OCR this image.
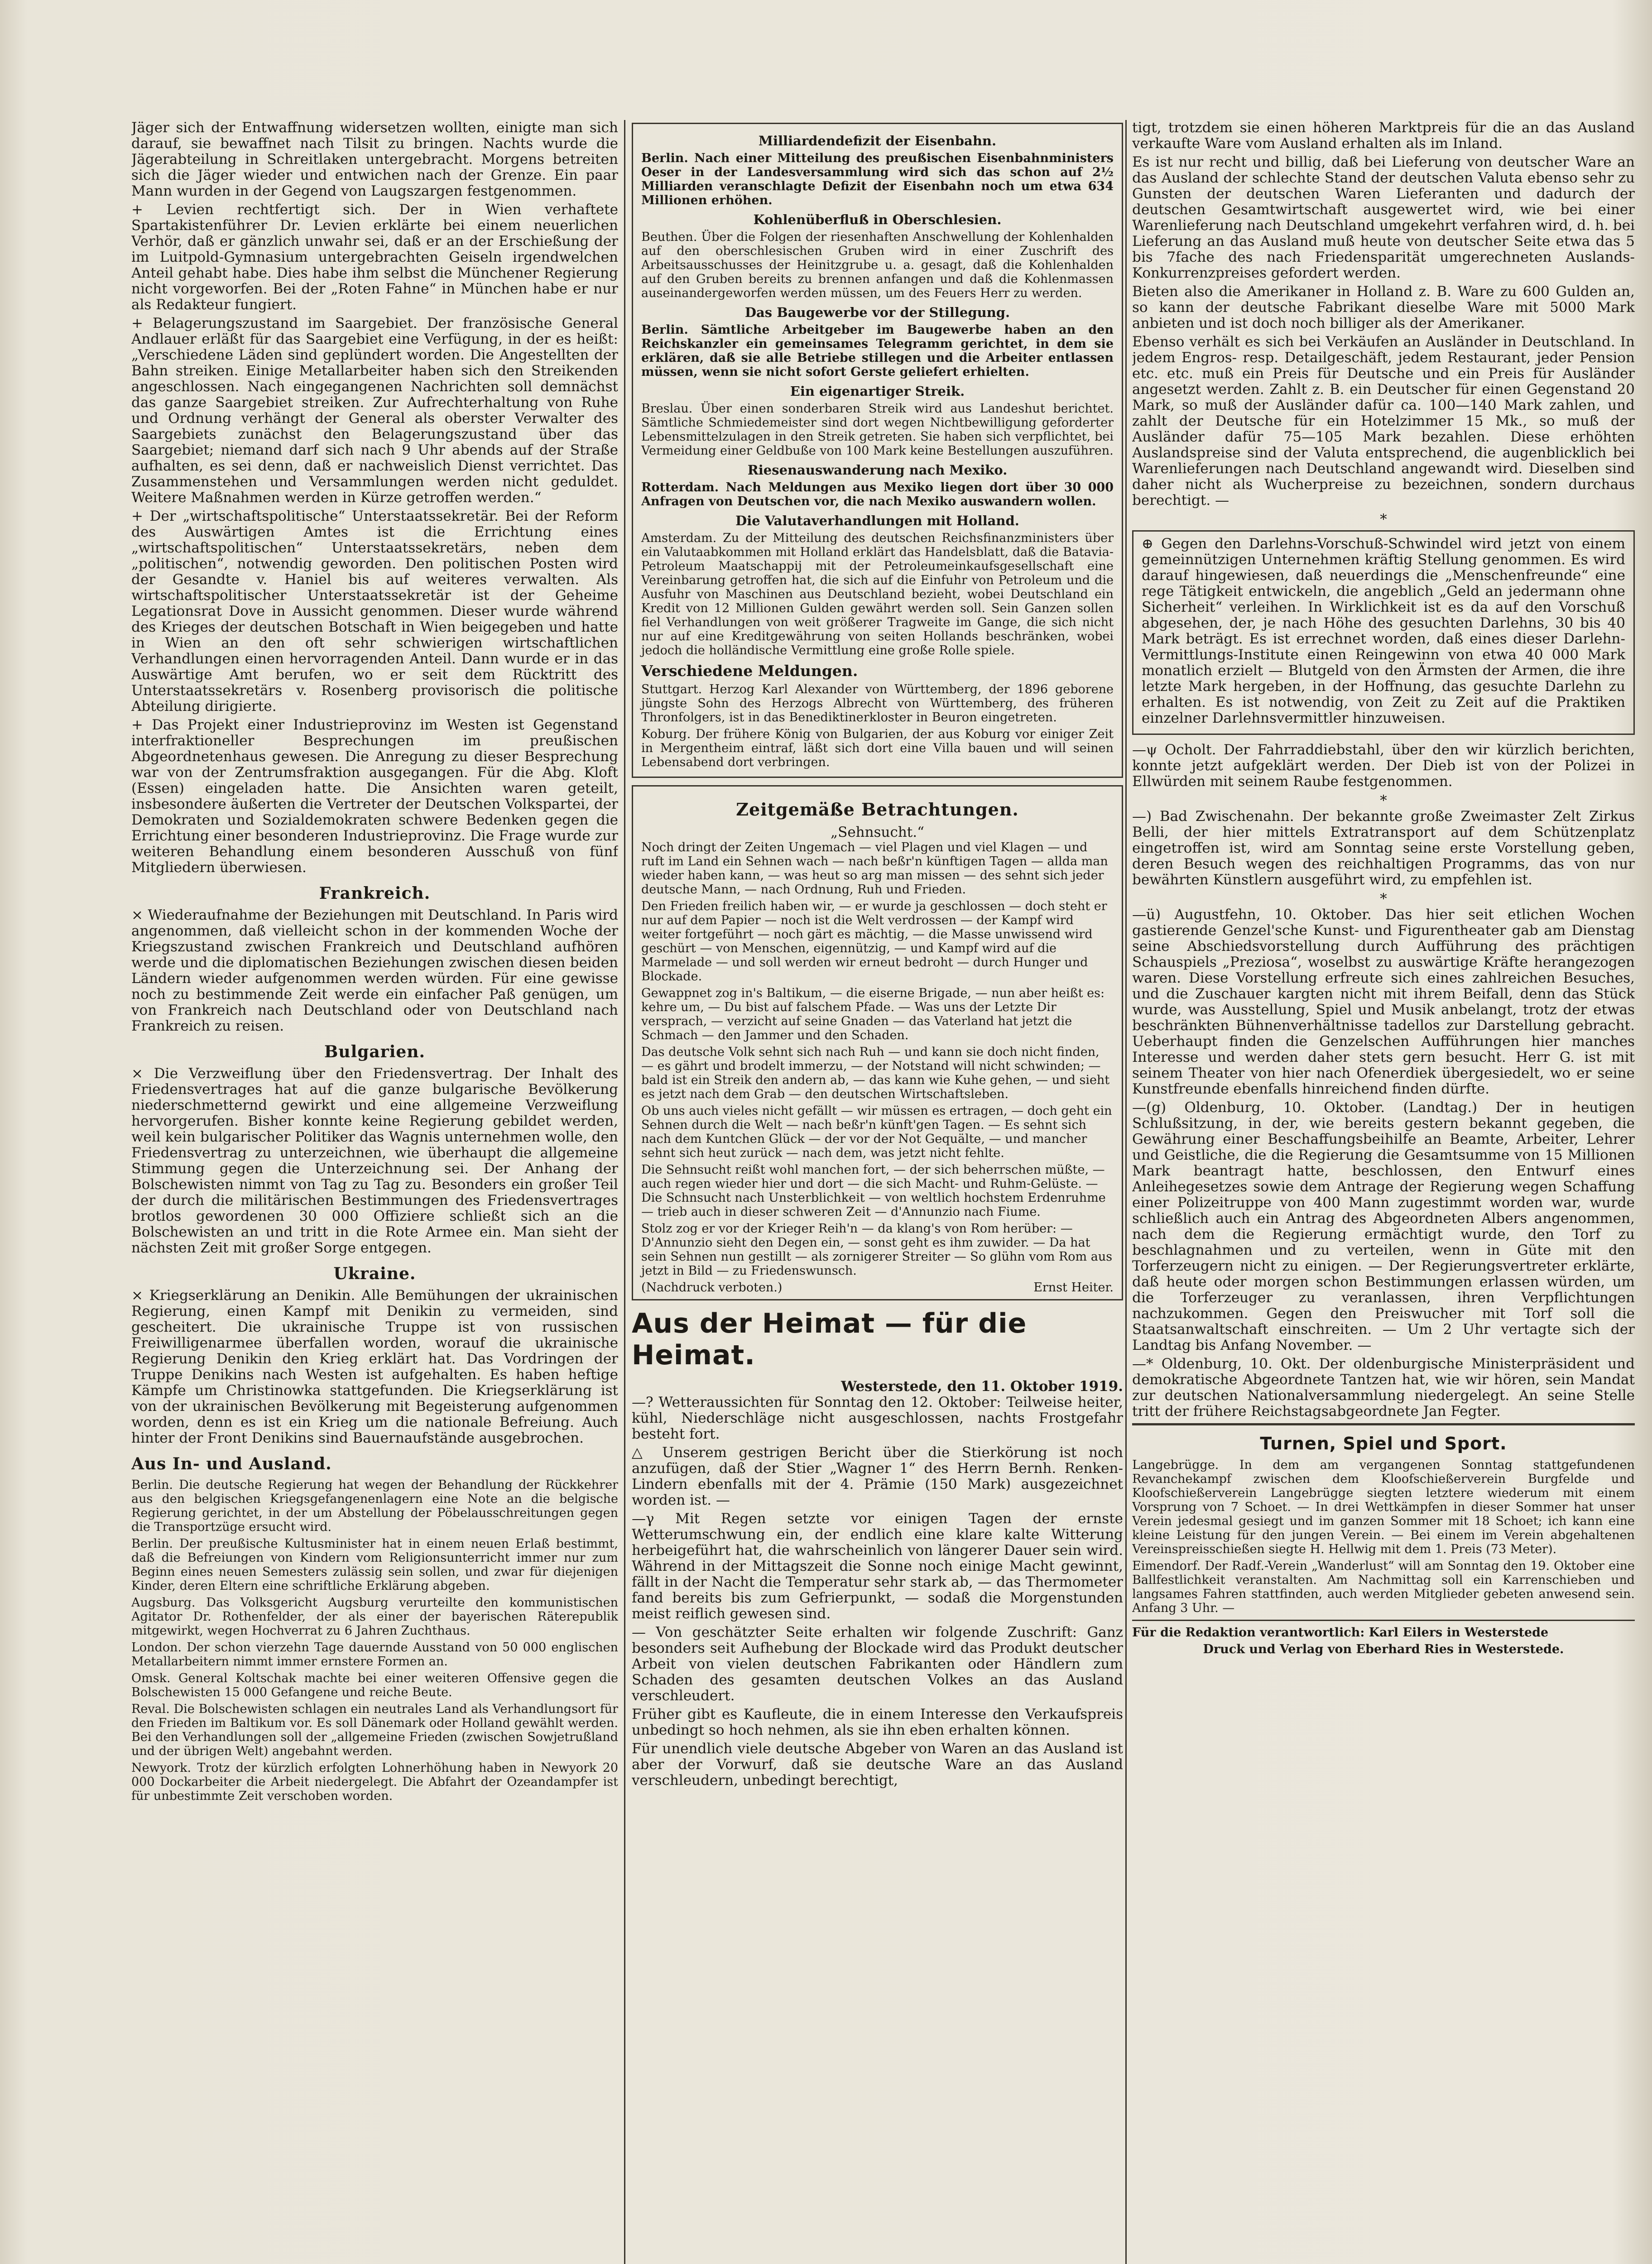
Jäger sich der Entwaffnung widersetzen wollten, einigte man sich darauf, sie bewaffnet nach Tilsit zu bringen. Nachts wurde die Jägerabteilung in Schreitlaken untergebracht. Morgens betreiten sich die Jäger wieder und entwichen nach der Grenze. Ein paar Mann wurden in der Gegend von Laugszargen festgenommen.

+ Levien rechtfertigt sich. Der in Wien verhaftete Spartakistenführer Dr. Levien erklärte bei einem neuerlichen Verhör, daß er gänzlich unwahr sei, daß er an der Erschießung der im Luitpold-Gymnasium untergebrachten Geiseln irgendwelchen Anteil gehabt habe. Dies habe ihm selbst die Münchener Regierung nicht vorgeworfen. Bei der „Roten Fahne“ in München habe er nur als Redakteur fungiert.

+ Belagerungszustand im Saargebiet. Der französische General Andlauer erläßt für das Saargebiet eine Verfügung, in der es heißt: „Verschiedene Läden sind geplündert worden. Die Angestellten der Bahn streiken. Einige Metallarbeiter haben sich den Streikenden angeschlossen. Nach eingegangenen Nachrichten soll demnächst das ganze Saargebiet streiken. Zur Aufrechterhaltung von Ruhe und Ordnung verhängt der General als oberster Verwalter des Saargebiets zunächst den Belagerungszustand über das Saargebiet; niemand darf sich nach 9 Uhr abends auf der Straße aufhalten, es sei denn, daß er nachweislich Dienst verrichtet. Das Zusammenstehen und Versammlungen werden nicht geduldet. Weitere Maßnahmen werden in Kürze getroffen werden.“

+ Der „wirtschaftspolitische“ Unterstaatssekretär. Bei der Reform des Auswärtigen Amtes ist die Errichtung eines „wirtschaftspolitischen“ Unterstaatssekretärs, neben dem „politischen“, notwendig geworden. Den politischen Posten wird der Gesandte v. Haniel bis auf weiteres verwalten. Als wirtschaftspolitischer Unterstaatssekretär ist der Geheime Legationsrat Dove in Aussicht genommen. Dieser wurde während des Krieges der deutschen Botschaft in Wien beigegeben und hatte in Wien an den oft sehr schwierigen wirtschaftlichen Verhandlungen einen hervorragenden Anteil. Dann wurde er in das Auswärtige Amt berufen, wo er seit dem Rücktritt des Unterstaatssekretärs v. Rosenberg provisorisch die politische Abteilung dirigierte.

+ Das Projekt einer Industrieprovinz im Westen ist Gegenstand interfraktioneller Besprechungen im preußischen Abgeordnetenhaus gewesen. Die Anregung zu dieser Besprechung war von der Zentrumsfraktion ausgegangen. Für die Abg. Kloft (Essen) eingeladen hatte. Die Ansichten waren geteilt, insbesondere äußerten die Vertreter der Deutschen Volkspartei, der Demokraten und Sozialdemokraten schwere Bedenken gegen die Errichtung einer besonderen Industrieprovinz. Die Frage wurde zur weiteren Behandlung einem besonderen Ausschuß von fünf Mitgliedern überwiesen.

Frankreich.

× Wiederaufnahme der Beziehungen mit Deutschland. In Paris wird angenommen, daß vielleicht schon in der kommenden Woche der Kriegszustand zwischen Frankreich und Deutschland aufhören werde und die diplomatischen Beziehungen zwischen diesen beiden Ländern wieder aufgenommen werden würden. Für eine gewisse noch zu bestimmende Zeit werde ein einfacher Paß genügen, um von Frankreich nach Deutschland oder von Deutschland nach Frankreich zu reisen.

Bulgarien.

× Die Verzweiflung über den Friedensvertrag. Der Inhalt des Friedensvertrages hat auf die ganze bulgarische Bevölkerung niederschmetternd gewirkt und eine allgemeine Verzweiflung hervorgerufen. Bisher konnte keine Regierung gebildet werden, weil kein bulgarischer Politiker das Wagnis unternehmen wolle, den Friedensvertrag zu unterzeichnen, wie überhaupt die allgemeine Stimmung gegen die Unterzeichnung sei. Der Anhang der Bolschewisten nimmt von Tag zu Tag zu. Besonders ein großer Teil der durch die militärischen Bestimmungen des Friedensvertrages brotlos gewordenen 30 000 Offiziere schließt sich an die Bolschewisten an und tritt in die Rote Armee ein. Man sieht der nächsten Zeit mit großer Sorge entgegen.

Ukraine.

× Kriegserklärung an Denikin. Alle Bemühungen der ukrainischen Regierung, einen Kampf mit Denikin zu vermeiden, sind gescheitert. Die ukrainische Truppe ist von russischen Freiwilligenarmee überfallen worden, worauf die ukrainische Regierung Denikin den Krieg erklärt hat. Das Vordringen der Truppe Denikins nach Westen ist aufgehalten. Es haben heftige Kämpfe um Christinowka stattgefunden. Die Kriegserklärung ist von der ukrainischen Bevölkerung mit Begeisterung aufgenommen worden, denn es ist ein Krieg um die nationale Befreiung. Auch hinter der Front Denikins sind Bauernaufstände ausgebrochen.

Aus In- und Ausland.

Berlin. Die deutsche Regierung hat wegen der Behandlung der Rückkehrer aus den belgischen Kriegsgefangenenlagern eine Note an die belgische Regierung gerichtet, in der um Abstellung der Pöbelausschreitungen gegen die Transportzüge ersucht wird.

Berlin. Der preußische Kultusminister hat in einem neuen Erlaß bestimmt, daß die Befreiungen von Kindern vom Religionsunterricht immer nur zum Beginn eines neuen Semesters zulässig sein sollen, und zwar für diejenigen Kinder, deren Eltern eine schriftliche Erklärung abgeben.

Augsburg. Das Volksgericht Augsburg verurteilte den kommunistischen Agitator Dr. Rothenfelder, der als einer der bayerischen Räterepublik mitgewirkt, wegen Hochverrat zu 6 Jahren Zuchthaus.

London. Der schon vierzehn Tage dauernde Ausstand von 50 000 englischen Metallarbeitern nimmt immer ernstere Formen an.

Omsk. General Koltschak machte bei einer weiteren Offensive gegen die Bolschewisten 15 000 Gefangene und reiche Beute.

Reval. Die Bolschewisten schlagen ein neutrales Land als Verhandlungsort für den Frieden im Baltikum vor. Es soll Dänemark oder Holland gewählt werden. Bei den Verhandlungen soll der „allgemeine Frieden (zwischen Sowjetrußland und der übrigen Welt) angebahnt werden.

Newyork. Trotz der kürzlich erfolgten Lohnerhöhung haben in Newyork 20 000 Dockarbeiter die Arbeit niedergelegt. Die Abfahrt der Ozeandampfer ist für unbestimmte Zeit verschoben worden.

Milliardendefizit der Eisenbahn.

Berlin. Nach einer Mitteilung des preußischen Eisenbahnministers Oeser in der Landesversammlung wird sich das schon auf 2½ Milliarden veranschlagte Defizit der Eisenbahn noch um etwa 634 Millionen erhöhen.

Kohlenüberfluß in Oberschlesien.

Beuthen. Über die Folgen der riesenhaften Anschwellung der Kohlenhalden auf den oberschlesischen Gruben wird in einer Zuschrift des Arbeitsausschusses der Heinitzgrube u. a. gesagt, daß die Kohlenhalden auf den Gruben bereits zu brennen anfangen und daß die Kohlenmassen auseinandergeworfen werden müssen, um des Feuers Herr zu werden.

Das Baugewerbe vor der Stillegung.

Berlin. Sämtliche Arbeitgeber im Baugewerbe haben an den Reichskanzler ein gemeinsames Telegramm gerichtet, in dem sie erklären, daß sie alle Betriebe stillegen und die Arbeiter entlassen müssen, wenn sie nicht sofort Gerste geliefert erhielten.

Ein eigenartiger Streik.

Breslau. Über einen sonderbaren Streik wird aus Landeshut berichtet. Sämtliche Schmiedemeister sind dort wegen Nichtbewilligung geforderter Lebensmittelzulagen in den Streik getreten. Sie haben sich verpflichtet, bei Vermeidung einer Geldbuße von 100 Mark keine Bestellungen auszuführen.

Riesenauswanderung nach Mexiko.

Rotterdam. Nach Meldungen aus Mexiko liegen dort über 30 000 Anfragen von Deutschen vor, die nach Mexiko auswandern wollen.

Die Valutaverhandlungen mit Holland.

Amsterdam. Zu der Mitteilung des deutschen Reichsfinanzministers über ein Valutaabkommen mit Holland erklärt das Handelsblatt, daß die Batavia-Petroleum Maatschappij mit der Petroleumeinkaufsgesellschaft eine Vereinbarung getroffen hat, die sich auf die Einfuhr von Petroleum und die Ausfuhr von Maschinen aus Deutschland bezieht, wobei Deutschland ein Kredit von 12 Millionen Gulden gewährt werden soll. Sein Ganzen sollen fiel Verhandlungen von weit größerer Tragweite im Gange, die sich nicht nur auf eine Kreditgewährung von seiten Hollands beschränken, wobei jedoch die holländische Vermittlung eine große Rolle spiele.

Verschiedene Meldungen.

Stuttgart. Herzog Karl Alexander von Württemberg, der 1896 geborene jüngste Sohn des Herzogs Albrecht von Württemberg, des früheren Thronfolgers, ist in das Benediktinerkloster in Beuron eingetreten.

Koburg. Der frühere König von Bulgarien, der aus Koburg vor einiger Zeit in Mergentheim eintraf, läßt sich dort eine Villa bauen und will seinen Lebensabend dort verbringen.

Zeitgemäße Betrachtungen.
„Sehnsucht.“

Noch dringt der Zeiten Ungemach — viel Plagen und viel Klagen — und ruft im Land ein Sehnen wach — nach beßr'n künftigen Tagen — allda man wieder haben kann, — was heut so arg man missen — des sehnt sich jeder deutsche Mann, — nach Ordnung, Ruh und Frieden.

Den Frieden freilich haben wir, — er wurde ja geschlossen — doch steht er nur auf dem Papier — noch ist die Welt verdrossen — der Kampf wird weiter fortgeführt — noch gärt es mächtig, — die Masse unwissend wird geschürt — von Menschen, eigennützig, — und Kampf wird auf die Marmelade — und soll werden wir erneut bedroht — durch Hunger und Blockade.

Gewappnet zog in's Baltikum, — die eiserne Brigade, — nun aber heißt es: kehre um, — Du bist auf falschem Pfade. — Was uns der Letzte Dir versprach, — verzicht auf seine Gnaden — das Vaterland hat jetzt die Schmach — den Jammer und den Schaden.

Das deutsche Volk sehnt sich nach Ruh — und kann sie doch nicht finden, — es gährt und brodelt immerzu, — der Notstand will nicht schwinden; — bald ist ein Streik den andern ab, — das kann wie Kuhe gehen, — und sieht es jetzt nach dem Grab — den deutschen Wirtschaftsleben.

Ob uns auch vieles nicht gefällt — wir müssen es ertragen, — doch geht ein Sehnen durch die Welt — nach beßr'n künft'gen Tagen. — Es sehnt sich nach dem Kuntchen Glück — der vor der Not Gequälte, — und mancher sehnt sich heut zurück — nach dem, was jetzt nicht fehlte.

Die Sehnsucht reißt wohl manchen fort, — der sich beherrschen müßte, — auch regen wieder hier und dort — die sich Macht- und Ruhm-Gelüste. — Die Schnsucht nach Unsterblichkeit — von weltlich hochstem Erdenruhme — trieb auch in dieser schweren Zeit — d'Annunzio nach Fiume.

Stolz zog er vor der Krieger Reih'n — da klang's von Rom herüber: — D'Annunzio sieht den Degen ein, — sonst geht es ihm zuwider. — Da hat sein Sehnen nun gestillt — als zornigerer Streiter — So glühn vom Rom aus jetzt in Bild — zu Friedenswunsch.

(Nachdruck verboten.)	Ernst Heiter.
Aus der Heimat — für die Heimat.
Westerstede, den 11. Oktober 1919.

—? Wetteraussichten für Sonntag den 12. Oktober: Teilweise heiter, kühl, Niederschläge nicht ausgeschlossen, nachts Frostgefahr besteht fort.

△ Unserem gestrigen Bericht über die Stierkörung ist noch anzufügen, daß der Stier „Wagner 1“ des Herrn Bernh. Renken-Lindern ebenfalls mit der 4. Prämie (150 Mark) ausgezeichnet worden ist. —

—γ Mit Regen setzte vor einigen Tagen der ernste Wetterumschwung ein, der endlich eine klare kalte Witterung herbeigeführt hat, die wahrscheinlich von längerer Dauer sein wird. Während in der Mittagszeit die Sonne noch einige Macht gewinnt, fällt in der Nacht die Temperatur sehr stark ab, — das Thermometer fand bereits bis zum Gefrierpunkt, — sodaß die Morgenstunden meist reiflich gewesen sind.

— Von geschätzter Seite erhalten wir folgende Zuschrift: Ganz besonders seit Aufhebung der Blockade wird das Produkt deutscher Arbeit von vielen deutschen Fabrikanten oder Händlern zum Schaden des gesamten deutschen Volkes an das Ausland verschleudert.

Früher gibt es Kaufleute, die in einem Interesse den Verkaufspreis unbedingt so hoch nehmen, als sie ihn eben erhalten können.

Für unendlich viele deutsche Abgeber von Waren an das Ausland ist aber der Vorwurf, daß sie deutsche Ware an das Ausland verschleudern, unbedingt berechtigt,

tigt, trotzdem sie einen höheren Marktpreis für die an das Ausland verkaufte Ware vom Ausland erhalten als im Inland.

Es ist nur recht und billig, daß bei Lieferung von deutscher Ware an das Ausland der schlechte Stand der deutschen Valuta ebenso sehr zu Gunsten der deutschen Waren Lieferanten und dadurch der deutschen Gesamtwirtschaft ausgewertet wird, wie bei einer Warenlieferung nach Deutschland umgekehrt verfahren wird, d. h. bei Lieferung an das Ausland muß heute von deutscher Seite etwa das 5 bis 7fache des nach Friedensparität umgerechneten Auslands-Konkurrenzpreises gefordert werden.

Bieten also die Amerikaner in Holland z. B. Ware zu 600 Gulden an, so kann der deutsche Fabrikant dieselbe Ware mit 5000 Mark anbieten und ist doch noch billiger als der Amerikaner.

Ebenso verhält es sich bei Verkäufen an Ausländer in Deutschland. In jedem Engros- resp. Detailgeschäft, jedem Restaurant, jeder Pension etc. etc. muß ein Preis für Deutsche und ein Preis für Ausländer angesetzt werden. Zahlt z. B. ein Deutscher für einen Gegenstand 20 Mark, so muß der Ausländer dafür ca. 100—140 Mark zahlen, und zahlt der Deutsche für ein Hotelzimmer 15 Mk., so muß der Ausländer dafür 75—105 Mark bezahlen. Diese erhöhten Auslandspreise sind der Valuta entsprechend, die augenblicklich bei Warenlieferungen nach Deutschland angewandt wird. Dieselben sind daher nicht als Wucherpreise zu bezeichnen, sondern durchaus berechtigt. —

*

⊕ Gegen den Darlehns-Vorschuß-Schwindel wird jetzt von einem gemeinnützigen Unternehmen kräftig Stellung genommen. Es wird darauf hingewiesen, daß neuerdings die „Menschenfreunde“ eine rege Tätigkeit entwickeln, die angeblich „Geld an jedermann ohne Sicherheit“ verleihen. In Wirklichkeit ist es da auf den Vorschuß abgesehen, der, je nach Höhe des gesuchten Darlehns, 30 bis 40 Mark beträgt. Es ist errechnet worden, daß eines dieser Darlehn-Vermittlungs-Institute einen Reingewinn von etwa 40 000 Mark monatlich erzielt — Blutgeld von den Ärmsten der Armen, die ihre letzte Mark hergeben, in der Hoffnung, das gesuchte Darlehn zu erhalten. Es ist notwendig, von Zeit zu Zeit auf die Praktiken einzelner Darlehnsvermittler hinzuweisen.

—ψ Ocholt. Der Fahrraddiebstahl, über den wir kürzlich berichten, konnte jetzt aufgeklärt werden. Der Dieb ist von der Polizei in Ellwürden mit seinem Raube festgenommen.

*

—) Bad Zwischenahn. Der bekannte große Zweimaster Zelt Zirkus Belli, der hier mittels Extratransport auf dem Schützenplatz eingetroffen ist, wird am Sonntag seine erste Vorstellung geben, deren Besuch wegen des reichhaltigen Programms, das von nur bewährten Künstlern ausgeführt wird, zu empfehlen ist.

*

—ü) Augustfehn, 10. Oktober. Das hier seit etlichen Wochen gastierende Genzel'sche Kunst- und Figurentheater gab am Dienstag seine Abschiedsvorstellung durch Aufführung des prächtigen Schauspiels „Preziosa“, woselbst zu auswärtige Kräfte herangezogen waren. Diese Vorstellung erfreute sich eines zahlreichen Besuches, und die Zuschauer kargten nicht mit ihrem Beifall, denn das Stück wurde, was Ausstellung, Spiel und Musik anbelangt, trotz der etwas beschränkten Bühnenverhältnisse tadellos zur Darstellung gebracht. Ueberhaupt finden die Genzelschen Aufführungen hier manches Interesse und werden daher stets gern besucht. Herr G. ist mit seinem Theater von hier nach Ofenerdiek übergesiedelt, wo er seine Kunstfreunde ebenfalls hinreichend finden dürfte.

—(g) Oldenburg, 10. Oktober. (Landtag.) Der in heutigen Schlußsitzung, in der, wie bereits gestern bekannt gegeben, die Gewährung einer Beschaffungsbeihilfe an Beamte, Arbeiter, Lehrer und Geistliche, die die Regierung die Gesamtsumme von 15 Millionen Mark beantragt hatte, beschlossen, den Entwurf eines Anleihegesetzes sowie dem Antrage der Regierung wegen Schaffung einer Polizeitruppe von 400 Mann zugestimmt worden war, wurde schließlich auch ein Antrag des Abgeordneten Albers angenommen, nach dem die Regierung ermächtigt wurde, den Torf zu beschlagnahmen und zu verteilen, wenn in Güte mit den Torferzeugern nicht zu einigen. — Der Regierungsvertreter erklärte, daß heute oder morgen schon Bestimmungen erlassen würden, um die Torferzeuger zu veranlassen, ihren Verpflichtungen nachzukommen. Gegen den Preiswucher mit Torf soll die Staatsanwaltschaft einschreiten. — Um 2 Uhr vertagte sich der Landtag bis Anfang November. —

—* Oldenburg, 10. Okt. Der oldenburgische Ministerpräsident und demokratische Abgeordnete Tantzen hat, wie wir hören, sein Mandat zur deutschen Nationalversammlung niedergelegt. An seine Stelle tritt der frühere Reichstagsabgeordnete Jan Fegter.

Turnen, Spiel und Sport.

Langebrügge. In dem am vergangenen Sonntag stattgefundenen Revanchekampf zwischen dem Kloofschießerverein Burgfelde und Kloofschießerverein Langebrügge siegten letztere wiederum mit einem Vorsprung von 7 Schoet. — In drei Wettkämpfen in dieser Sommer hat unser Verein jedesmal gesiegt und im ganzen Sommer mit 18 Schoet; ich kann eine kleine Leistung für den jungen Verein. — Bei einem im Verein abgehaltenen Vereinspreisschießen siegte H. Hellwig mit dem 1. Preis (73 Meter).

Eimendorf. Der Radf.-Verein „Wanderlust“ will am Sonntag den 19. Oktober eine Ballfestlichkeit veranstalten. Am Nachmittag soll ein Karrenschieben und langsames Fahren stattfinden, auch werden Mitglieder gebeten anwesend sein. Anfang 3 Uhr. —

Für die Redaktion verantwortlich: Karl Eilers in Westerstede

Druck und Verlag von Eberhard Ries in Westerstede.
